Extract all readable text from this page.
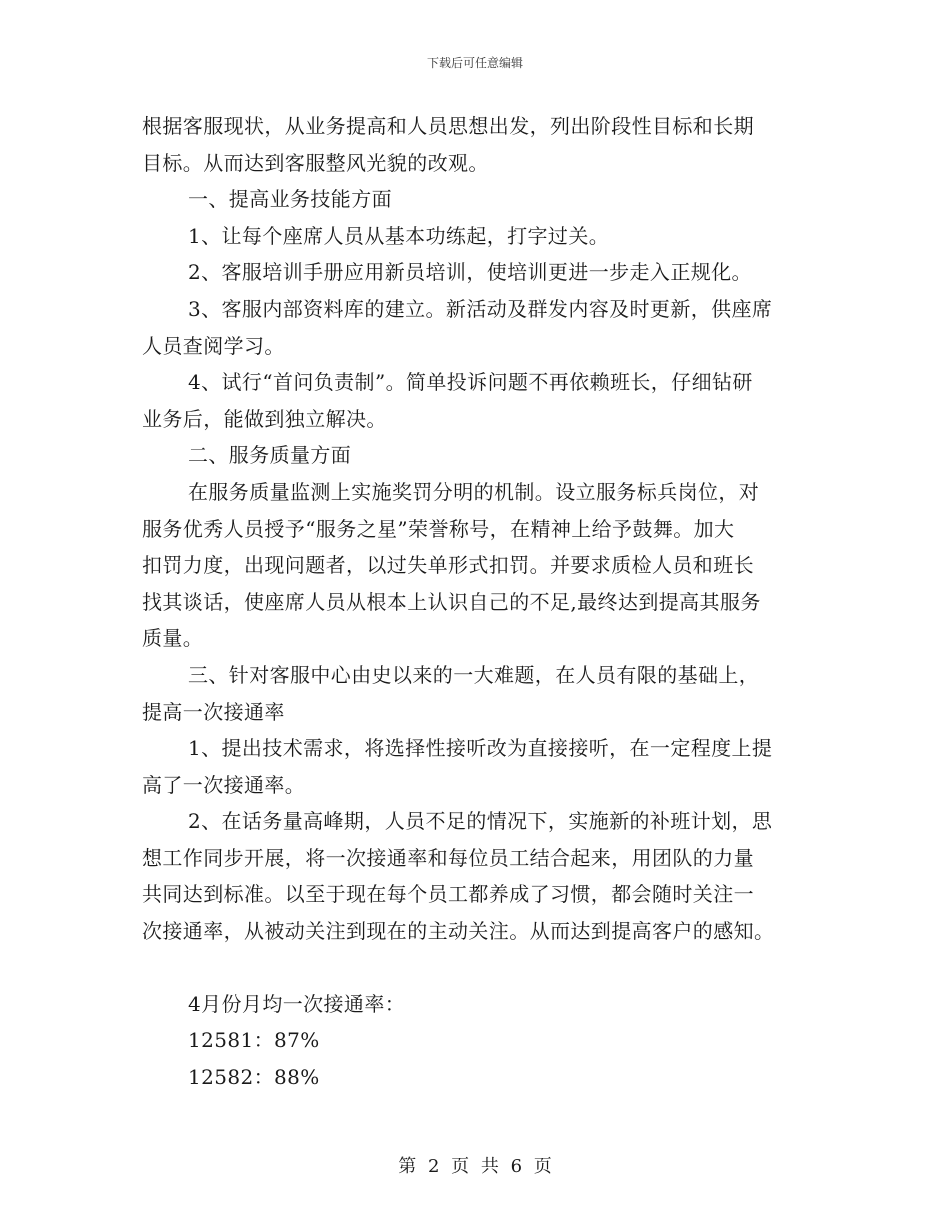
下载后可任意编辑

根据客服现状，从业务提高和人员思想出发，列出阶段性目标和长期

目标。从而达到客服整风光貌的改观。

一、提高业务技能方面

1、让每个座席人员从基本功练起，打字过关。

2、客服培训手册应用新员培训，使培训更进一步走入正规化。

3、客服内部资料库的建立。新活动及群发内容及时更新，供座席

人员查阅学习。

4、试行“首问负责制”。简单投诉问题不再依赖班长，仔细钻研

业务后，能做到独立解决。

二、服务质量方面

在服务质量监测上实施奖罚分明的机制。设立服务标兵岗位，对

服务优秀人员授予“服务之星”荣誉称号，在精神上给予鼓舞。加大

扣罚力度，出现问题者，以过失单形式扣罚。并要求质检人员和班长

找其谈话，使座席人员从根本上认识自己的不足,最终达到提高其服务

质量。

三、针对客服中心由史以来的一大难题，在人员有限的基础上，

提高一次接通率

1、提出技术需求，将选择性接听改为直接接听，在一定程度上提

高了一次接通率。

2、在话务量高峰期，人员不足的情况下，实施新的补班计划，思

想工作同步开展，将一次接通率和每位员工结合起来，用团队的力量

共同达到标准。以至于现在每个员工都养成了习惯，都会随时关注一

次接通率，从被动关注到现在的主动关注。从而达到提高客户的感知。

4月份月均一次接通率：

12581：87%

12582：88%

第 2 页 共 6 页
